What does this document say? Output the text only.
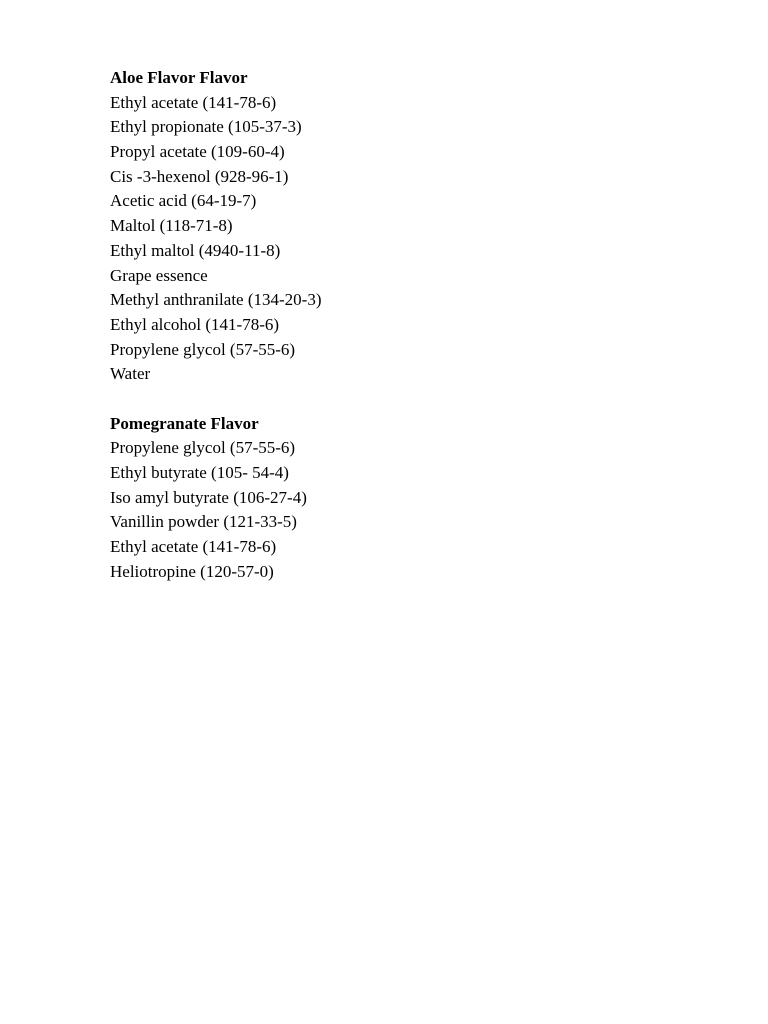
Aloe Flavor Flavor
Ethyl acetate (141-78-6)
Ethyl propionate (105-37-3)
Propyl acetate (109-60-4)
Cis -3-hexenol (928-96-1)
Acetic acid (64-19-7)
Maltol (118-71-8)
Ethyl maltol (4940-11-8)
Grape essence
Methyl anthranilate (134-20-3)
Ethyl alcohol (141-78-6)
Propylene glycol (57-55-6)
Water
Pomegranate Flavor
Propylene glycol (57-55-6)
Ethyl butyrate (105- 54-4)
Iso amyl butyrate (106-27-4)
Vanillin powder (121-33-5)
Ethyl acetate (141-78-6)
Heliotropine (120-57-0)
